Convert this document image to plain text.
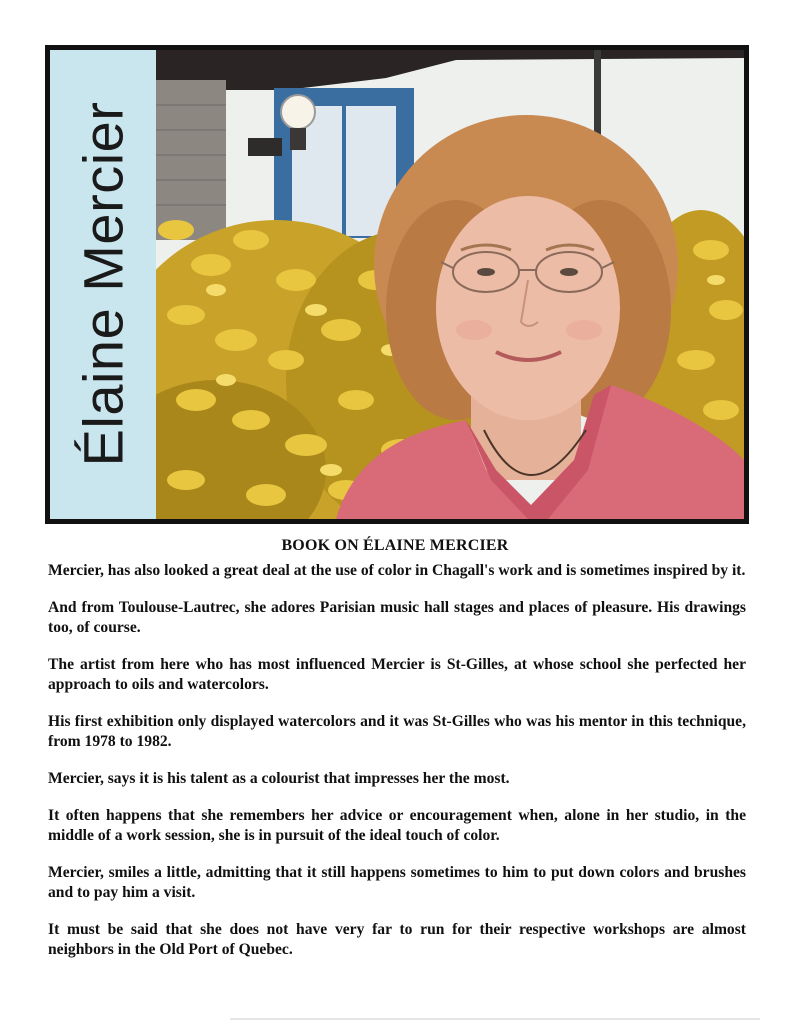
Élaine Mercier
BOOK ON ÉLAINE MERCIER

Mercier, has also looked a great deal at the use of color in Chagall's work and is sometimes inspired by it.

And from Toulouse-Lautrec, she adores Parisian music hall stages and places of pleasure. His drawings too, of course.

The artist from here who has most influenced Mercier is St-Gilles, at whose school she perfected her approach to oils and watercolors.

His first exhibition only displayed watercolors and it was St-Gilles who was his mentor in this technique, from 1978 to 1982.

Mercier, says it is his talent as a colourist that impresses her the most.

It often happens that she remembers her advice or encouragement when, alone in her studio, in the middle of a work session, she is in pursuit of the ideal touch of color.

Mercier, smiles a little, admitting that it still happens sometimes to him to put down colors and brushes and to pay him a visit.

It must be said that she does not have very far to run for their respective workshops are almost neighbors in the Old Port of Quebec.
